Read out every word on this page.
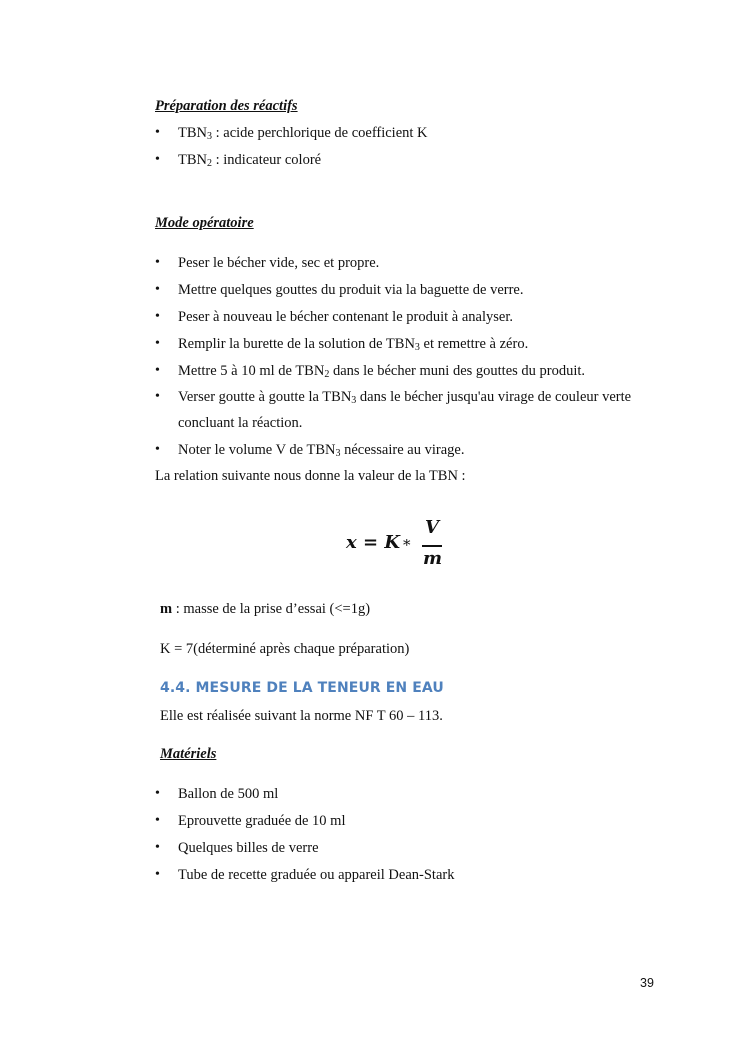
Préparation des réactifs
• $TBN_3$ : acide perchlorique de coefficient K
• $TBN_2$ : indicateur coloré
Mode opératoire
• Peser le bécher vide, sec et propre.
• Mettre quelques gouttes du produit via la baguette de verre.
• Peser à nouveau le bécher contenant le produit à analyser.
• Remplir la burette de la solution de $TBN_3$ et remettre à zéro.
• Mettre 5 à 10 ml de $TBN_2$ dans le bécher muni des gouttes du produit.
• Verser goutte à goutte la $TBN_3$ dans le bécher jusqu'au virage de couleur verte
concluant la réaction.
• Noter le volume V de $TBN_3$ nécessaire au virage.
La relation suivante nous donne la valeur de la TBN :
x = K *
V
m
m : masse de la prise d’essai (<=1g)
K = 7(déterminé après chaque préparation)
4.4. MESURE DE LA TENEUR EN EAU
Elle est réalisée suivant la norme NF T 60 – 113.
Matériels
• Ballon de 500 ml
• Eprouvette graduée de 10 ml
• Quelques billes de verre
• Tube de recette graduée ou appareil Dean-Stark
39
